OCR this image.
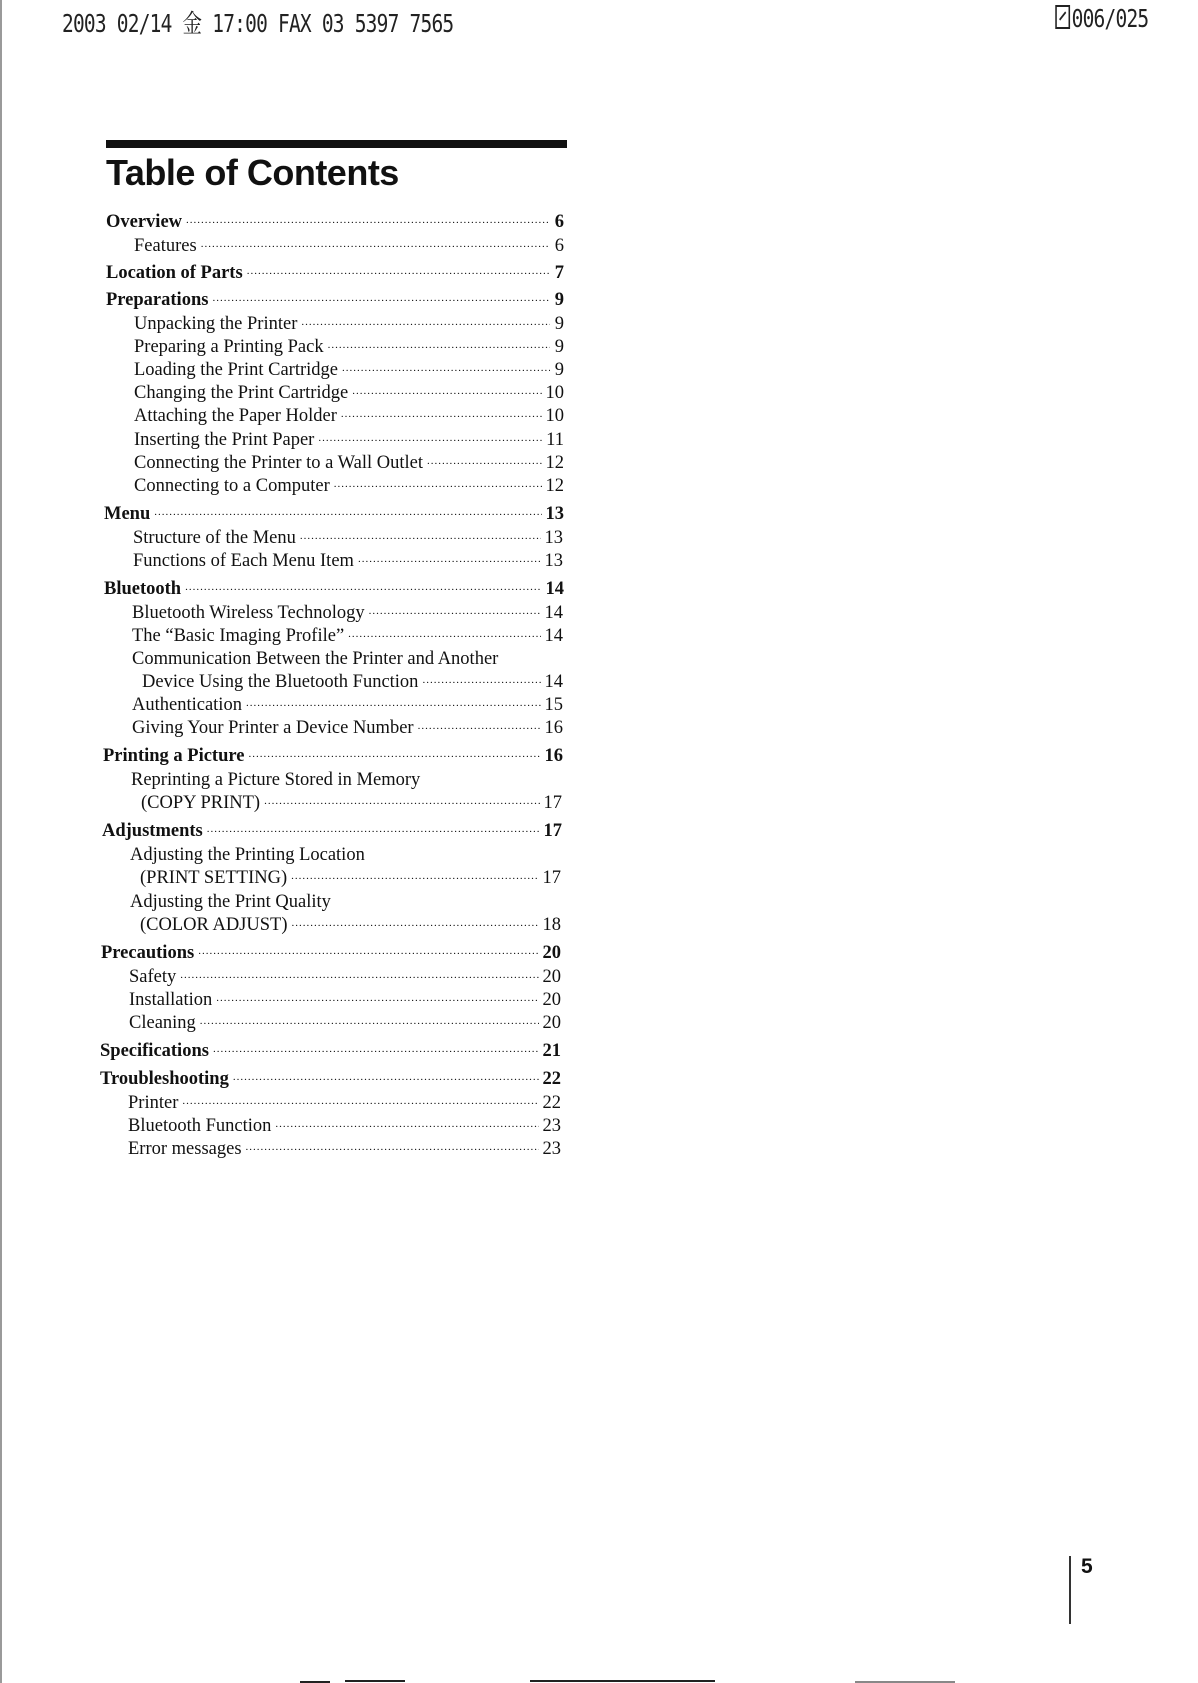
2003 02/14 金 17:00 FAX 03 5397 7565	006/025
Table of Contents
Overview .....	6
Features .....	6
Location of Parts .....	7
Preparations .....	9
Unpacking the Printer .....	9
Preparing a Printing Pack .....	9
Loading the Print Cartridge .....	9
Changing the Print Cartridge .....	10
Attaching the Paper Holder .....	10
Inserting the Print Paper .....	11
Connecting the Printer to a Wall Outlet .....	12
Connecting to a Computer .....	12
Menu .....	13
Structure of the Menu .....	13
Functions of Each Menu Item .....	13
Bluetooth .....	14
Bluetooth Wireless Technology .....	14
The “Basic Imaging Profile” .....	14
Communication Between the Printer and Another
Device Using the Bluetooth Function .....	14
Authentication .....	15
Giving Your Printer a Device Number .....	16
Printing a Picture .....	16
Reprinting a Picture Stored in Memory
(COPY PRINT) .....	17
Adjustments .....	17
Adjusting the Printing Location
(PRINT SETTING) .....	17
Adjusting the Print Quality
(COLOR ADJUST) .....	18
Precautions .....	20
Safety .....	20
Installation .....	20
Cleaning .....	20
Specifications .....	21
Troubleshooting .....	22
Printer .....	22
Bluetooth Function .....	23
Error messages .....	23
5
